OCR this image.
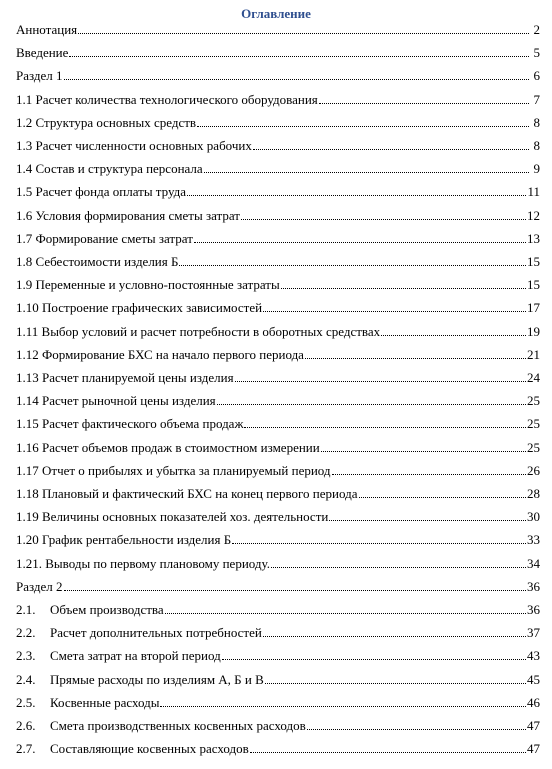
Оглавление
Аннотация	2
Введение	5
Раздел 1	6
1.1 Расчет количества технологического оборудования	7
1.2 Структура основных средств	8
1.3 Расчет численности основных рабочих	8
1.4 Состав и структура персонала	9
1.5 Расчет фонда оплаты труда	11
1.6 Условия формирования сметы затрат	12
1.7 Формирование сметы затрат	13
1.8 Себестоимости изделия Б	15
1.9 Переменные и условно-постоянные затраты	15
1.10 Построение графических зависимостей	17
1.11 Выбор условий и расчет потребности в оборотных средствах	19
1.12 Формирование БХС на начало первого периода	21
1.13 Расчет планируемой цены изделия	24
1.14 Расчет рыночной цены изделия	25
1.15 Расчет фактического объема продаж	25
1.16 Расчет объемов продаж в стоимостном измерении	25
1.17 Отчет о прибылях и убытка за планируемый период	26
1.18 Плановый и фактический БХС на конец первого периода	28
1.19 Величины основных показателей хоз. деятельности	30
1.20 График рентабельности изделия Б	33
1.21. Выводы по первому плановому периоду.	34
Раздел 2	36
2.1.	Объем производства	36
2.2.	Расчет дополнительных потребностей	37
2.3.	Смета затрат на второй период	43
2.4.	Прямые расходы по изделиям А, Б и В	45
2.5.	Косвенные расходы	46
2.6.	Смета производственных косвенных расходов	47
2.7.	Составляющие косвенных расходов	47
